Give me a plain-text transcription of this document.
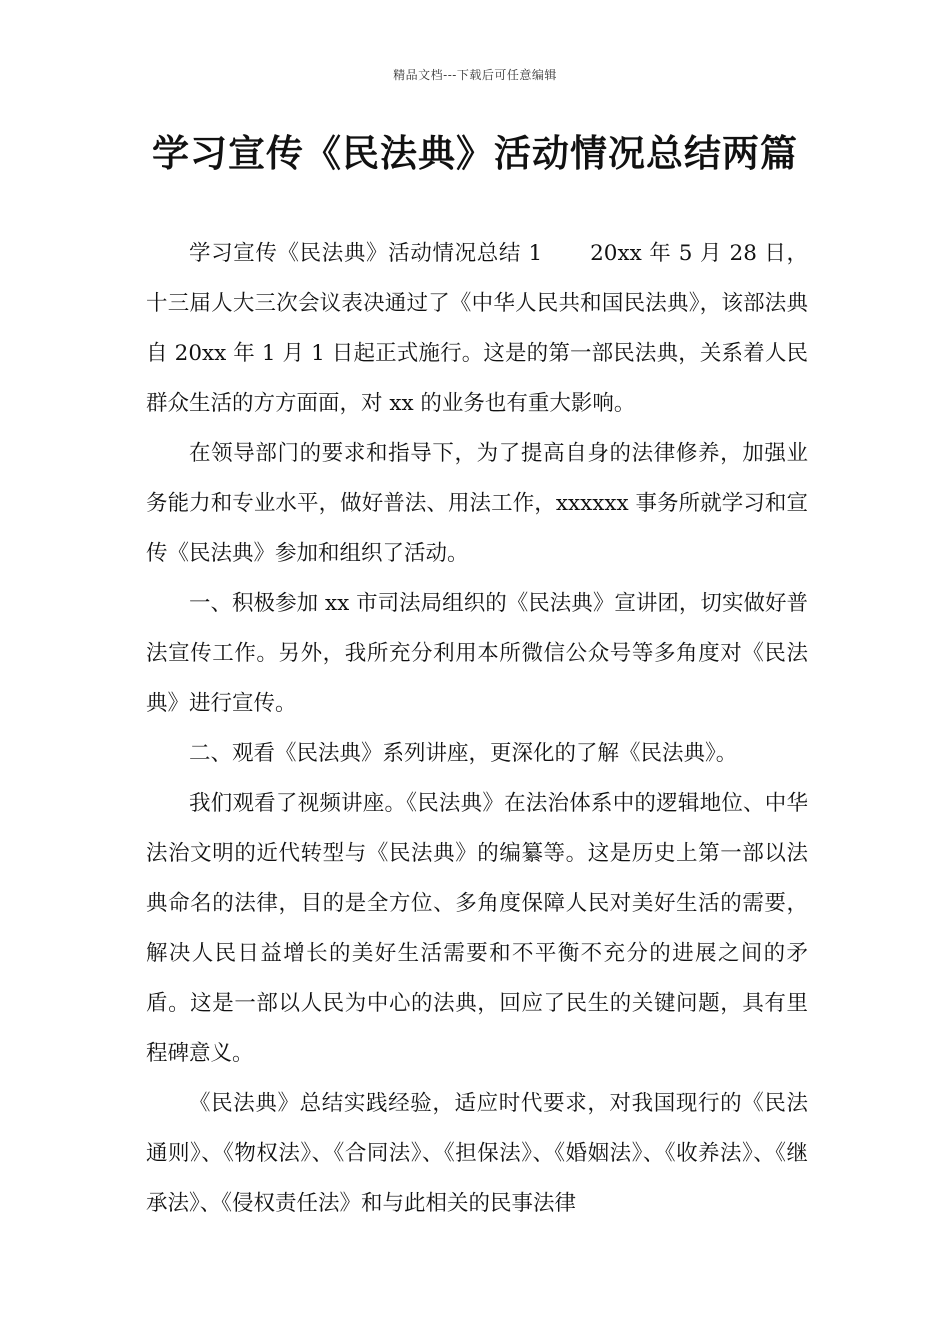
精品文档---下载后可任意编辑
学习宣传《民法典》活动情况总结两篇

学习宣传《民法典》活动情况总结 1 20xx 年 5 月 28 日，十三届人大三次会议表决通过了《中华人民共和国民法典》，该部法典自 20xx 年 1 月 1 日起正式施行。这是的第一部民法典，关系着人民群众生活的方方面面，对 xx 的业务也有重大影响。

在领导部门的要求和指导下，为了提高自身的法律修养，加强业务能力和专业水平，做好普法、用法工作，xxxxxx 事务所就学习和宣传《民法典》参加和组织了活动。

一、积极参加 xx 市司法局组织的《民法典》宣讲团，切实做好普法宣传工作。另外，我所充分利用本所微信公众号等多角度对《民法典》进行宣传。

二、观看《民法典》系列讲座，更深化的了解《民法典》。

我们观看了视频讲座。《民法典》在法治体系中的逻辑地位、中华法治文明的近代转型与《民法典》的编纂等。这是历史上第一部以法典命名的法律，目的是全方位、多角度保障人民对美好生活的需要，解决人民日益增长的美好生活需要和不平衡不充分的进展之间的矛盾。这是一部以人民为中心的法典，回应了民生的关键问题，具有里程碑意义。

《民法典》总结实践经验，适应时代要求，对我国现行的《民法通则》、《物权法》、《合同法》、《担保法》、《婚姻法》、《收养法》、《继承法》、《侵权责任法》和与此相关的民事法律
